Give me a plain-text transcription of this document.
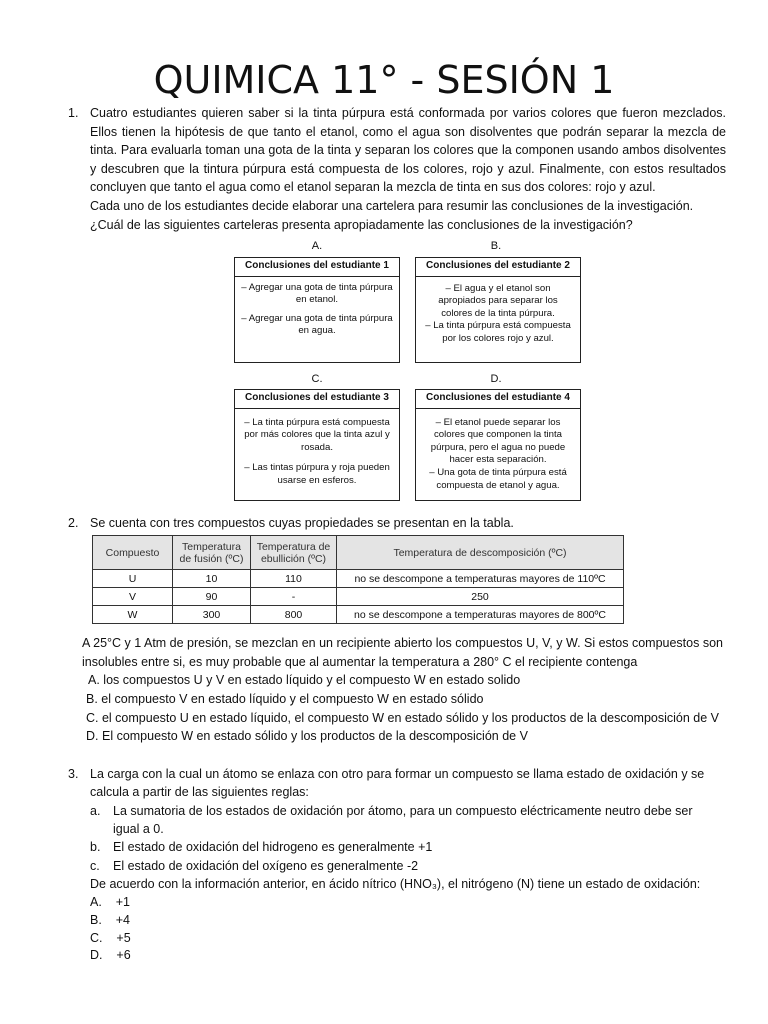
QUIMICA 11° - SESIÓN 1
1. Cuatro estudiantes quieren saber si la tinta púrpura está conformada por varios colores que fueron mezclados. Ellos tienen la hipótesis de que tanto el etanol, como el agua son disolventes que podrán separar la mezcla de tinta. Para evaluarla toman una gota de la tinta y separan los colores que la componen usando ambos disolventes y descubren que la tintura púrpura está compuesta de los colores, rojo y azul. Finalmente, con estos resultados concluyen que tanto el agua como el etanol separan la mezcla de tinta en sus dos colores: rojo y azul.
Cada uno de los estudiantes decide elaborar una cartelera para resumir las conclusiones de la investigación.
¿Cuál de las siguientes carteleras presenta apropiadamente las conclusiones de la investigación?
A.
Conclusiones del estudiante 1
– Agregar una gota de tinta púrpura en etanol.
– Agregar una gota de tinta púrpura en agua.
B.
Conclusiones del estudiante 2
– El agua y el etanol son apropiados para separar los colores de la tinta púrpura.
– La tinta púrpura está compuesta por los colores rojo y azul.
C.
Conclusiones del estudiante 3
– La tinta púrpura está compuesta por más colores que la tinta azul y rosada.
– Las tintas púrpura y roja pueden usarse en esferos.
D.
Conclusiones del estudiante 4
– El etanol puede separar los colores que componen la tinta púrpura, pero el agua no puede hacer esta separación.
– Una gota de tinta púrpura está compuesta de etanol y agua.
2. Se cuenta con tres compuestos cuyas propiedades se presentan en la tabla.
Compuesto	Temperatura de fusión (ºC)	Temperatura de ebullición (ºC)	Temperatura de descomposición (ºC)
U	10	110	no se descompone a temperaturas mayores de 110ºC
V	90	-	250
W	300	800	no se descompone a temperaturas mayores de 800ºC
A 25°C y 1 Atm de presión, se mezclan en un recipiente abierto los compuestos U, V, y W. Si estos compuestos son
insolubles entre si, es muy probable que al aumentar la temperatura a 280° C el recipiente contenga
A. los compuestos U y V en estado líquido y el compuesto W en estado solido
B. el compuesto V en estado líquido y el compuesto W en estado sólido
C. el compuesto U en estado líquido, el compuesto W en estado sólido y los productos de la descomposición de V
D. El compuesto W en estado sólido y los productos de la descomposición de V
3. La carga con la cual un átomo se enlaza con otro para formar un compuesto se llama estado de oxidación y se
calcula a partir de las siguientes reglas:
a. La sumatoria de los estados de oxidación por átomo, para un compuesto eléctricamente neutro debe ser
igual a 0.
b. El estado de oxidación del hidrogeno es generalmente +1
c. El estado de oxidación del oxígeno es generalmente -2
De acuerdo con la información anterior, en ácido nítrico (HNO₃), el nitrógeno (N) tiene un estado de oxidación:
A. +1
B. +4
C. +5
D. +6
